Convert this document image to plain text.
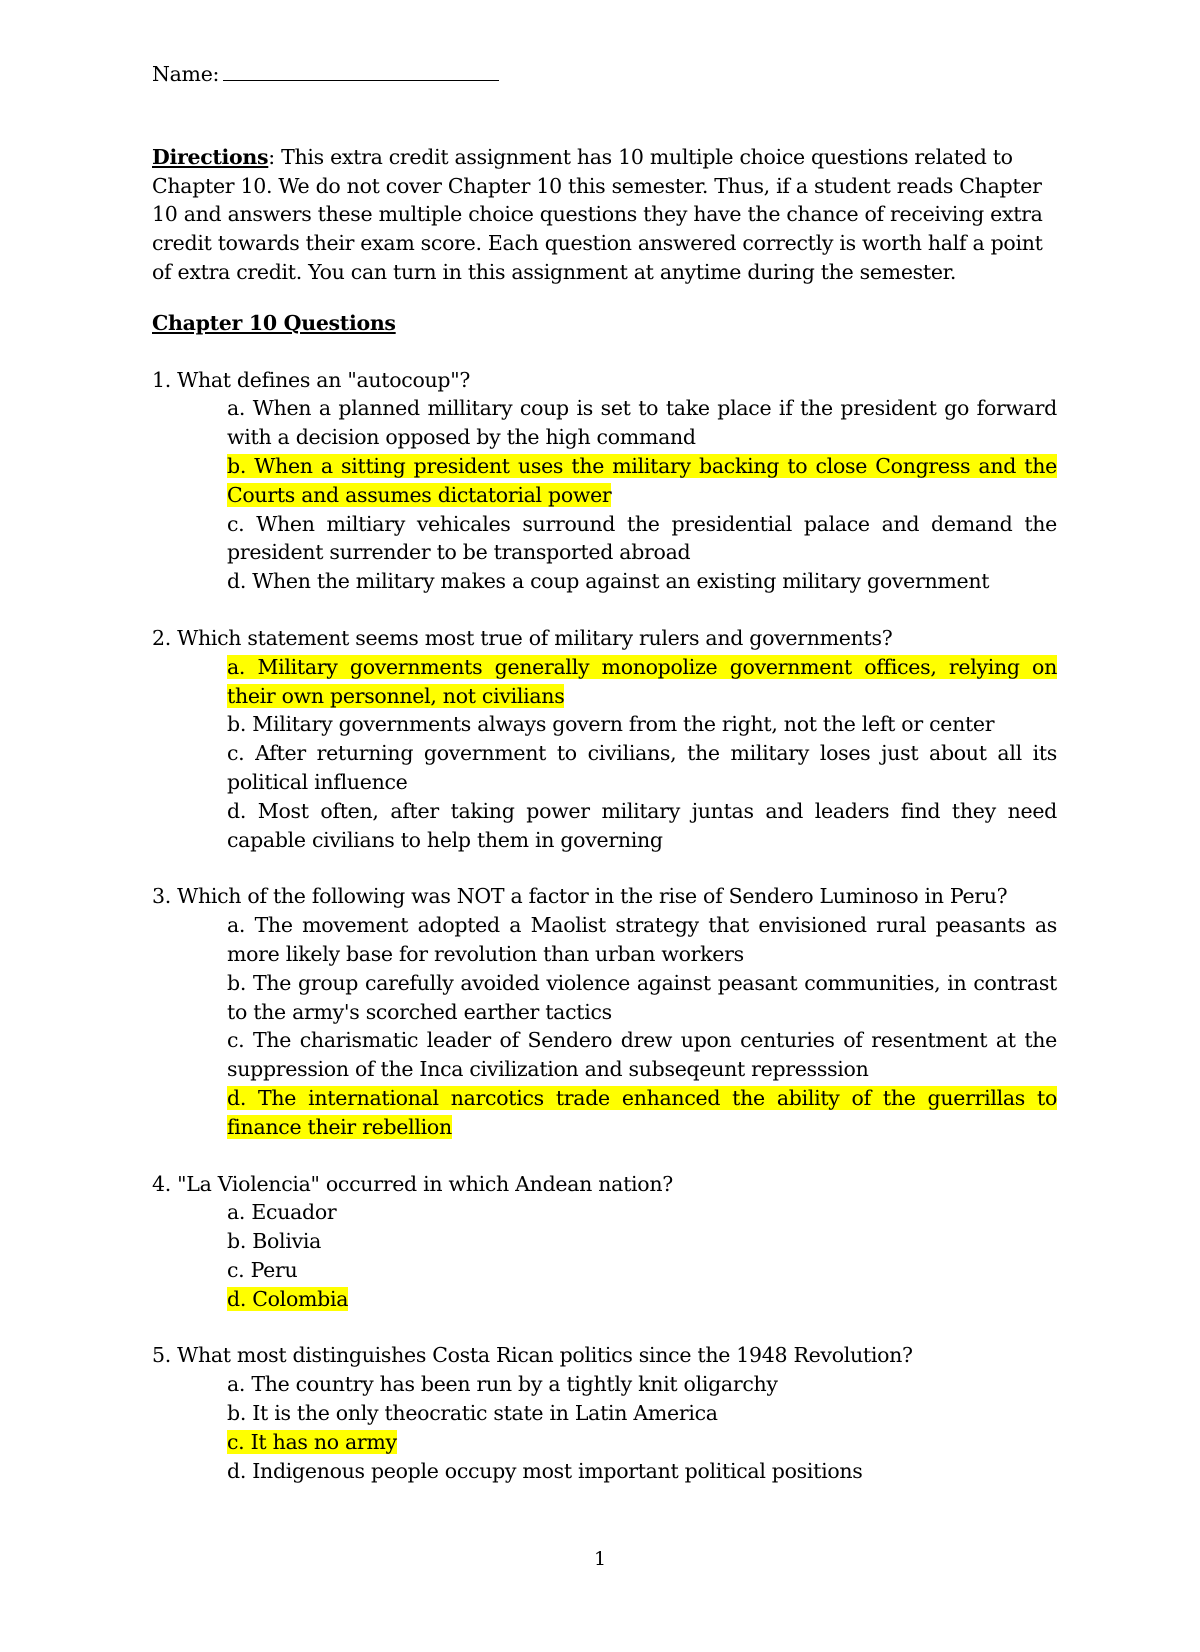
Name:

Directions: This extra credit assignment has 10 multiple choice questions related to Chapter 10. We do not cover Chapter 10 this semester. Thus, if a student reads Chapter 10 and answers these multiple choice questions they have the chance of receiving extra credit towards their exam score. Each question answered correctly is worth half a point of extra credit. You can turn in this assignment at anytime during the semester.

Chapter 10 Questions

1. What defines an "autocoup"?

a. When a planned millitary coup is set to take place if the president go forward with a decision opposed by the high command

b. When a sitting president uses the military backing to close Congress and the Courts and assumes dictatorial power

c. When miltiary vehicales surround the presidential palace and demand the president surrender to be transported abroad

d. When the military makes a coup against an existing military government

2. Which statement seems most true of military rulers and governments?

a. Military governments generally monopolize government offices, relying on their own personnel, not civilians

b. Military governments always govern from the right, not the left or center

c. After returning government to civilians, the military loses just about all its political influence

d. Most often, after taking power military juntas and leaders find they need capable civilians to help them in governing

3. Which of the following was NOT a factor in the rise of Sendero Luminoso in Peru?

a. The movement adopted a Maolist strategy that envisioned rural peasants as more likely base for revolution than urban workers

b. The group carefully avoided violence against peasant communities, in contrast to the army's scorched earther tactics

c. The charismatic leader of Sendero drew upon centuries of resentment at the suppression of the Inca civilization and subseqeunt represssion

d. The international narcotics trade enhanced the ability of the guerrillas to finance their rebellion

4. "La Violencia" occurred in which Andean nation?

a. Ecuador

b. Bolivia

c. Peru

d. Colombia

5. What most distinguishes Costa Rican politics since the 1948 Revolution?

a. The country has been run by a tightly knit oligarchy

b. It is the only theocratic state in Latin America

c. It has no army

d. Indigenous people occupy most important political positions

1
